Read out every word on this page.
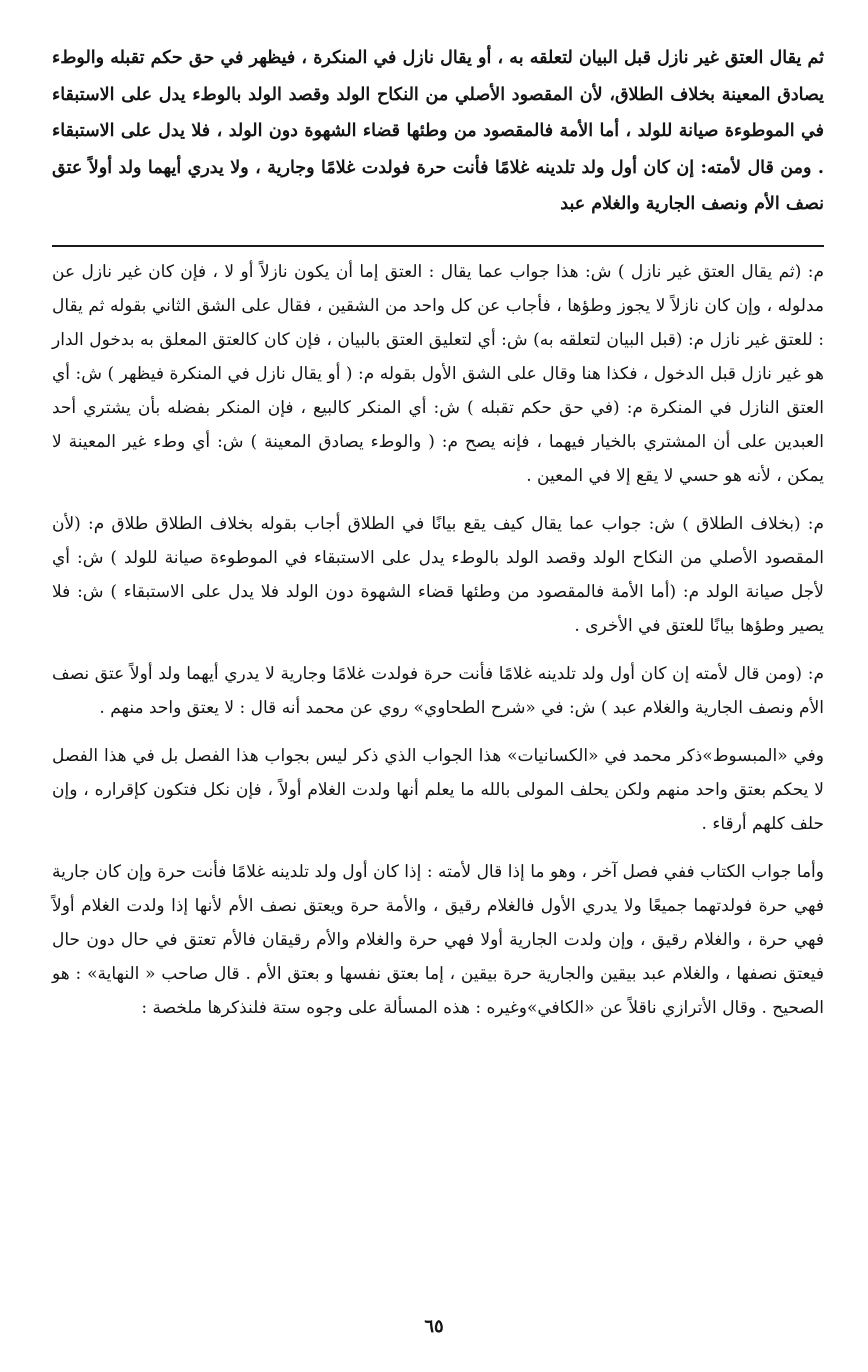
ثم يقال العتق غير نازل قبل البيان لتعلقه به ، أو يقال نازل في المنكرة ، فيظهر في حق حكم تقبله والوطء يصادق المعينة بخلاف الطلاق، لأن المقصود الأصلي من النكاح الولد وقصد الولد بالوطء يدل على الاستبقاء في الموطوءة صيانة للولد ، أما الأمة فالمقصود من وطئها قضاء الشهوة دون الولد ، فلا يدل على الاستبقاء . ومن قال لأمته: إن كان أول ولد تلدينه غلامًا فأنت حرة فولدت غلامًا وجارية ، ولا يدري أيهما ولد أولاً عتق نصف الأم ونصف الجارية والغلام عبد

م: (ثم يقال العتق غير نازل ) ش: هذا جواب عما يقال : العتق إما أن يكون نازلاً أو لا ، فإن كان غير نازل عن مدلوله ، وإن كان نازلاً لا يجوز وطؤها ، فأجاب عن كل واحد من الشقين ، فقال على الشق الثاني بقوله ثم يقال : للعتق غير نازل م: (قبل البيان لتعلقه به) ش: أي لتعليق العتق بالبيان ، فإن كان كالعتق المعلق به بدخول الدار هو غير نازل قبل الدخول ، فكذا هنا وقال على الشق الأول بقوله م: ( أو يقال نازل في المنكرة فيظهر ) ش: أي العتق النازل في المنكرة م: (في حق حكم تقبله ) ش: أي المنكر كالبيع ، فإن المنكر بفضله بأن يشتري أحد العبدين على أن المشتري بالخيار فيهما ، فإنه يصح م: ( والوطء يصادق المعينة ) ش: أي وطء غير المعينة لا يمكن ، لأنه هو حسي لا يقع إلا في المعين .

م: (بخلاف الطلاق ) ش: جواب عما يقال كيف يقع بيانًا في الطلاق أجاب بقوله بخلاف الطلاق طلاق م: (لأن المقصود الأصلي من النكاح الولد وقصد الولد بالوطء يدل على الاستبقاء في الموطوءة صيانة للولد ) ش: أي لأجل صيانة الولد م: (أما الأمة فالمقصود من وطئها قضاء الشهوة دون الولد فلا يدل على الاستبقاء ) ش: فلا يصير وطؤها بيانًا للعتق في الأخرى .

م: (ومن قال لأمته إن كان أول ولد تلدينه غلامًا فأنت حرة فولدت غلامًا وجارية لا يدري أيهما ولد أولاً عتق نصف الأم ونصف الجارية والغلام عبد ) ش: في «شرح الطحاوي» روي عن محمد أنه قال : لا يعتق واحد منهم .

وفي «المبسوط»ذكر محمد في «الكسانيات» هذا الجواب الذي ذكر ليس بجواب هذا الفصل بل في هذا الفصل لا يحكم بعتق واحد منهم ولكن يحلف المولى بالله ما يعلم أنها ولدت الغلام أولاً ، فإن نكل فتكون كإقراره ، وإن حلف كلهم أرقاء .

وأما جواب الكتاب ففي فصل آخر ، وهو ما إذا قال لأمته : إذا كان أول ولد تلدينه غلامًا فأنت حرة وإن كان جارية فهي حرة فولدتهما جميعًا ولا يدري الأول فالغلام رقيق ، والأمة حرة ويعتق نصف الأم لأنها إذا ولدت الغلام أولاً فهي حرة ، والغلام رقيق ، وإن ولدت الجارية أولا فهي حرة والغلام والأم رقيقان فالأم تعتق في حال دون حال فيعتق نصفها ، والغلام عبد بيقين والجارية حرة بيقين ، إما بعتق نفسها و بعتق الأم . قال صاحب « النهاية» : هو الصحيح . وقال الأترازي ناقلاً عن «الكافي»وغيره : هذه المسألة على وجوه ستة فلنذكرها ملخصة :

٦٥
